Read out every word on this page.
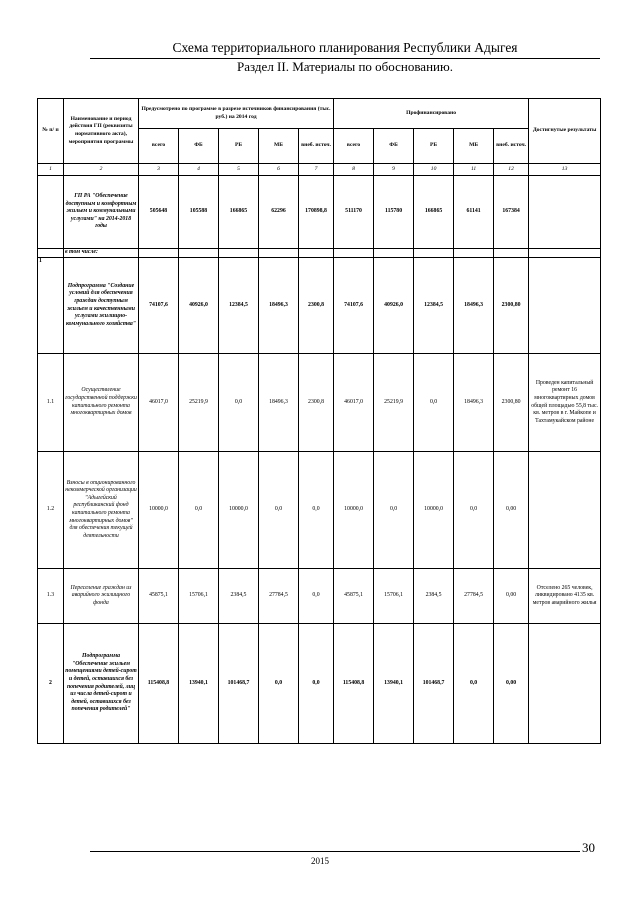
Схема территориального планирования Республики Адыгея
Раздел II. Материалы по обоснованию.
№ п/ п	Наименование и период действия ГП (реквизиты нормативного акта), мероприятия программы	Предусмотрено по программе в разрезе источников финансирования (тыс. руб.) на 2014 год					Профинансировано					Достигнутые результаты
		всего	ФБ	РБ	МБ	внеб. источ.	всего	ФБ	РБ	МБ	внеб. источ.	
1	2	3	4	5	6	7	8	9	10	11	12	13
	ГП РА "Обеспечение доступным и комфортным жильем и коммунальными услугами" на 2014-2018 годы	505648	105588	166865	62296	170898,8	511170	115780	166865	61141	167384	
	в том числе:											
1	Подпрограмма "Создание условий для обеспечения граждан доступным жильем и качественными услугами жилищно-коммунального хозяйства"	74107,6	40926,0	12384,5	18496,3	2300,8	74107,6	40926,0	12384,5	18496,3	2300,80	
1.1	Осуществление государственной поддержки капитального ремонта многоквартирных домов	46017,0	25219,9	0,0	18496,3	2300,8	46017,0	25219,9	0,0	18496,3	2300,80	Проведен капитальный ремонт 16 многоквартирных домов общей площадью 55,8 тыс. кв. метров в г. Майкопе и Тахтамукайском районе
1.2	Взносы в опционированного некоммерческой организации "Адыгейский республиканский фонд капитального ремонта многоквартирных домов" для обеспечения текущей деятельности	10000,0	0,0	10000,0	0,0	0,0	10000,0	0,0	10000,0	0,0	0,00	
1.3	Переселение граждан из аварийного жилищного фонда	45875,1	15706,1	2384,5	27784,5	0,0	45875,1	15706,1	2384,5	27784,5	0,00	Отселено 265 человек, ликвидировано 4135 кв. метров аварийного жилья
2	Подпрограмма "Обеспечение жильем помещениями детей-сирот и детей, оставшихся без попечения родителей, лиц из числа детей-сирот и детей, оставшихся без попечения родителей"	115408,8	13940,1	101468,7	0,0	0,0	115408,8	13940,1	101468,7	0,0	0,00	
30
2015
